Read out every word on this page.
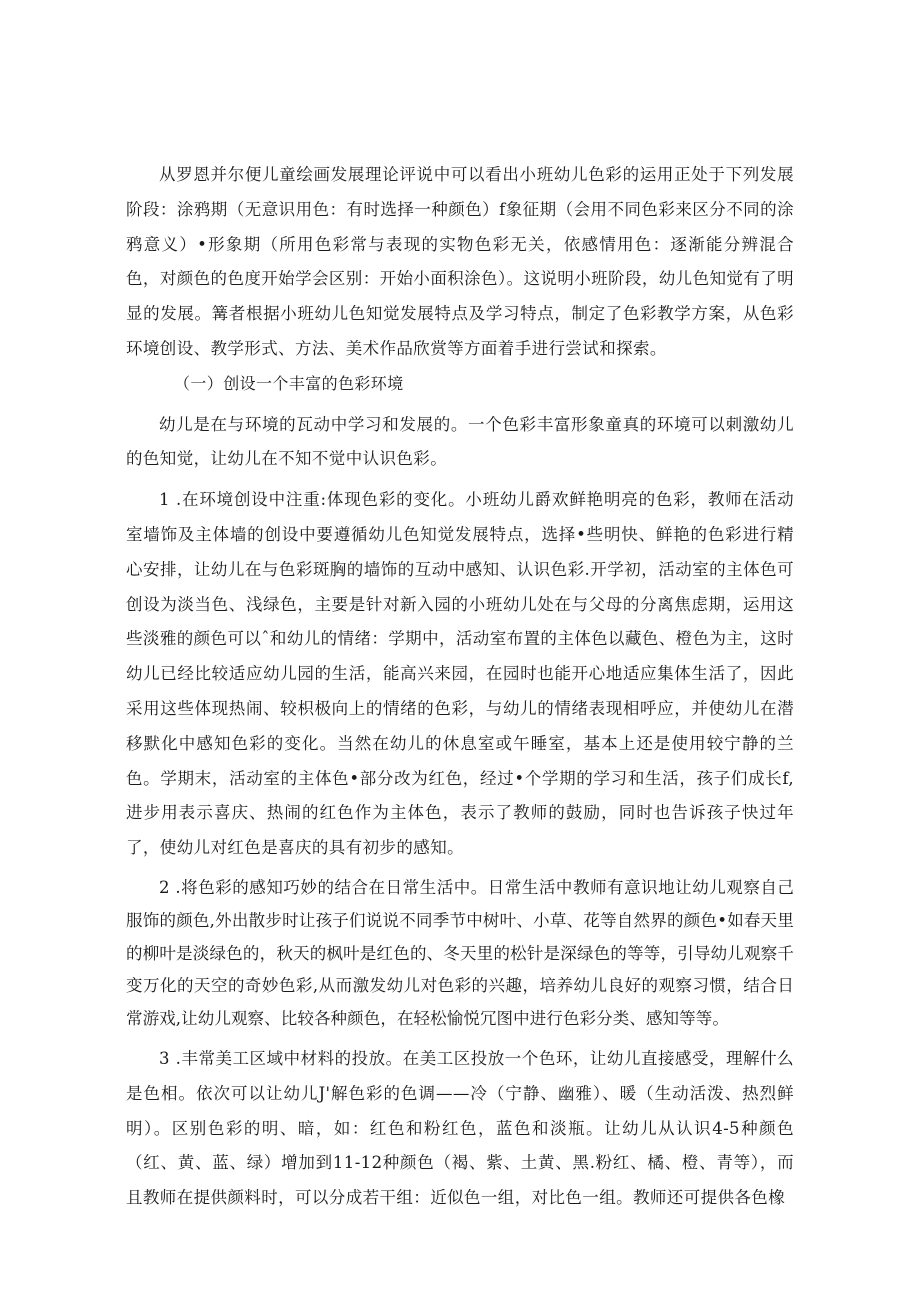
从罗恩并尔便儿童绘画发展理论评说中可以看出小班幼儿色彩的运用正处于下列发展阶段：涂鸦期（无意识用色：有时选择一种颜色）f象征期（会用不同色彩来区分不同的涂鸦意义）•形象期（所用色彩常与表现的实物色彩无关，依感情用色：逐渐能分辨混合色，对颜色的色度开始学会区别：开始小面积涂色）。这说明小班阶段，幼儿色知觉有了明显的发展。篝者根据小班幼儿色知觉发展特点及学习特点，制定了色彩教学方案，从色彩环境创设、教学形式、方法、美术作品欣赏等方面着手进行尝试和探索。

（一）创设一个丰富的色彩环境

幼儿是在与环境的瓦动中学习和发展的。一个色彩丰富形象童真的环境可以刺激幼儿的色知觉，让幼儿在不知不觉中认识色彩。

1 .在环境创设中注重:体现色彩的变化。小班幼儿爵欢鲜艳明亮的色彩，教师在活动室墙饰及主体墙的创设中要遵循幼儿色知觉发展特点，选择•些明快、鲜艳的色彩进行精心安排，让幼儿在与色彩斑胸的墙饰的互动中感知、认识色彩.开学初，活动室的主体色可创设为淡当色、浅绿色，主要是针对新入园的小班幼儿处在与父母的分离焦虑期，运用这些淡雅的颜色可以ˆ和幼儿的情绪：学期中，活动室布置的主体色以藏色、橙色为主，这时幼儿已经比较适应幼儿园的生活，能高兴来园，在园时也能开心地适应集体生活了，因此采用这些体现热闹、较枳极向上的情绪的色彩，与幼儿的情绪表现相呼应，并使幼儿在潜移默化中感知色彩的变化。当然在幼儿的休息室或午睡室，基本上还是使用较宁静的兰色。学期末，活动室的主体色•部分改为红色，经过•个学期的学习和生活，孩子们成长f,进步用表示喜庆、热闹的红色作为主体色，表示了教师的鼓励，同时也告诉孩子快过年了，使幼儿对红色是喜庆的具有初步的感知。

2 .将色彩的感知巧妙的结合在日常生活中。日常生活中教师有意识地让幼儿观察自己服饰的颜色,外出散步时让孩子们说说不同季节中树叶、小草、花等自然界的颜色•如春天里的柳叶是淡绿色的，秋天的枫叶是红色的、冬天里的松针是深绿色的等等，引导幼儿观察千变万化的天空的奇妙色彩,从而激发幼儿对色彩的兴趣，培养幼儿良好的观察习惯，结合日常游戏,让幼儿观察、比较各种颜色，在轻松愉悦冗图中进行色彩分类、感知等等。

3 .丰常美工区域中材料的投放。在美工区投放一个色环，让幼儿直接感受，理解什么是色相。依次可以让幼儿J'解色彩的色调——冷（宁静、幽雅）、暖（生动活泼、热烈鲜明）。区别色彩的明、暗，如：红色和粉红色，蓝色和淡瓶。让幼儿从认识4-5种颜色（红、黄、蓝、绿）增加到11-12种颜色（褐、紫、土黄、黑.粉红、橘、橙、青等），而且教师在提供颜料时，可以分成若干组：近似色一组，对比色一组。教师还可提供各色橡
